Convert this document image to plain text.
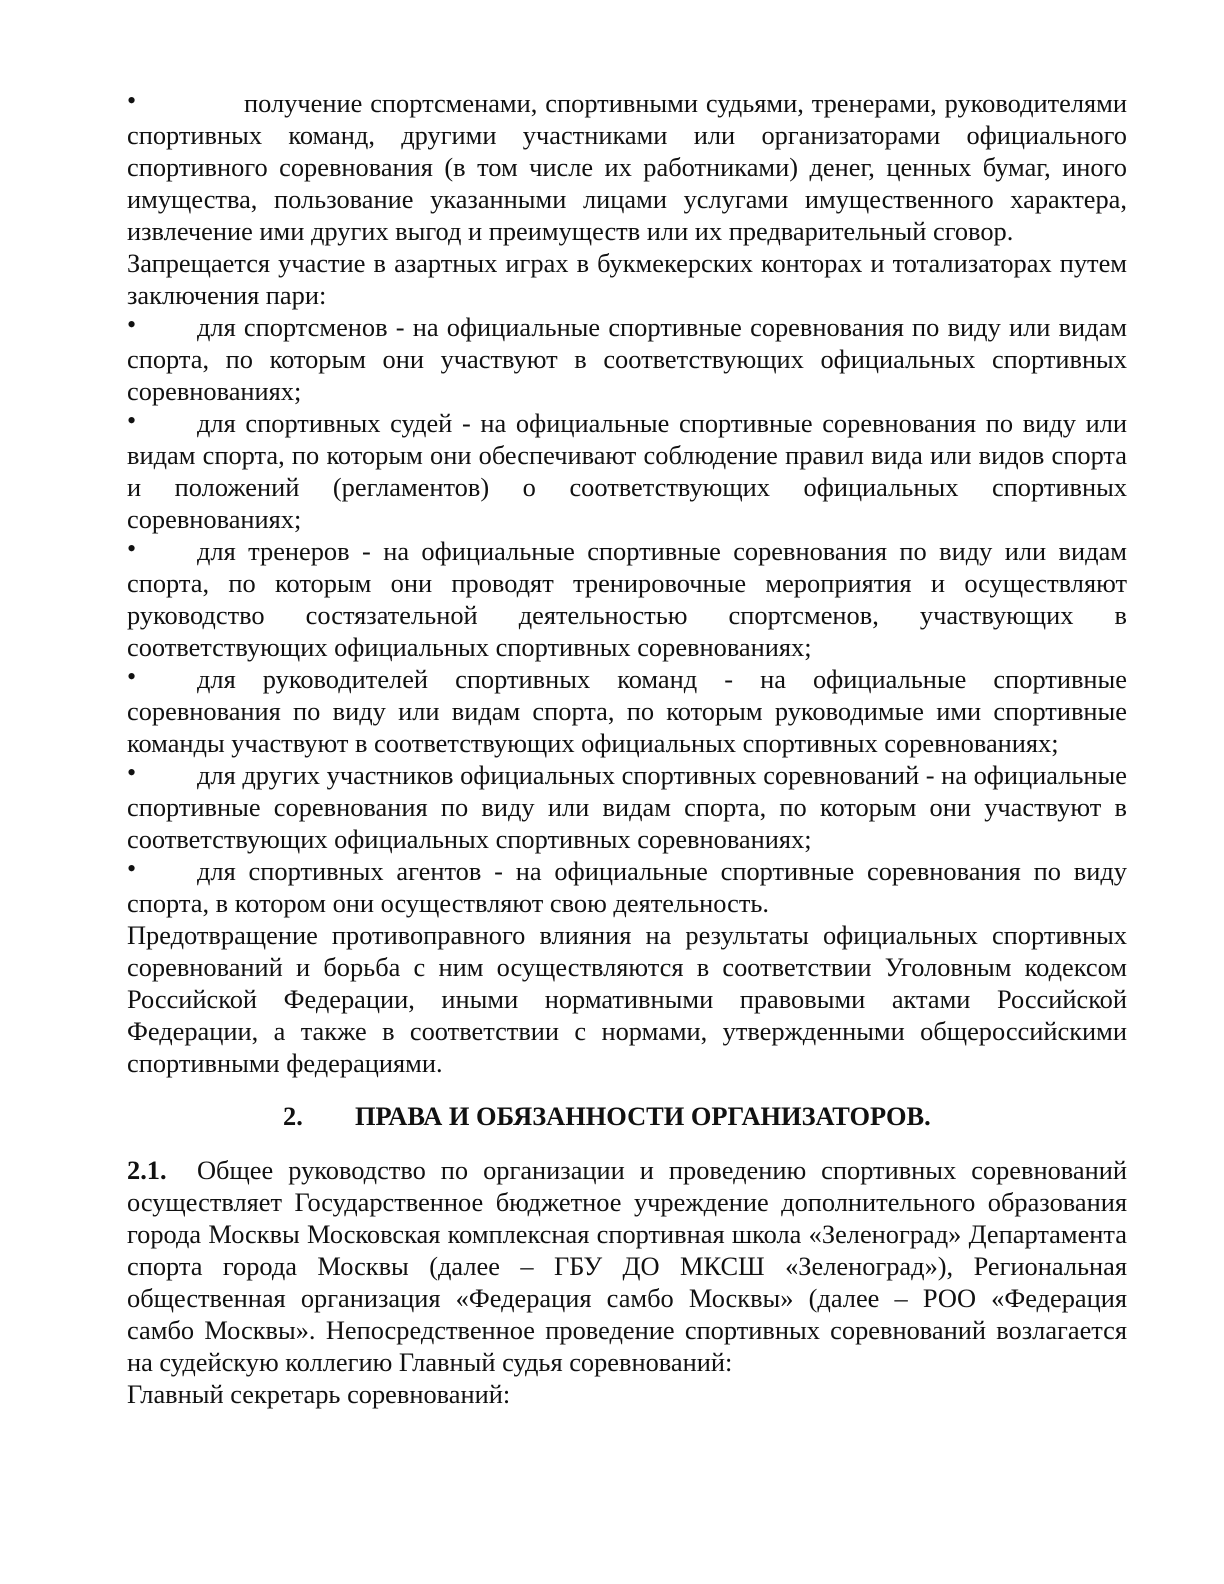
•	получение спортсменами, спортивными судьями, тренерами, руководителями спортивных команд, другими участниками или организаторами официального спортивного соревнования (в том числе их работниками) денег, ценных бумаг, иного имущества, пользование указанными лицами услугами имущественного характера, извлечение ими других выгод и преимуществ или их предварительный сговор.

Запрещается участие в азартных играх в букмекерских конторах и тотализаторах путем заключения пари:

• для спортсменов - на официальные спортивные соревнования по виду или видам спорта, по которым они участвуют в соответствующих официальных спортивных соревнованиях;

• для спортивных судей - на официальные спортивные соревнования по виду или видам спорта, по которым они обеспечивают соблюдение правил вида или видов спорта и положений (регламентов) о соответствующих официальных спортивных соревнованиях;

• для тренеров - на официальные спортивные соревнования по виду или видам спорта, по которым они проводят тренировочные мероприятия и осуществляют руководство состязательной деятельностью спортсменов, участвующих в соответствующих официальных спортивных соревнованиях;

• для руководителей спортивных команд - на официальные спортивные соревнования по виду или видам спорта, по которым руководимые ими спортивные команды участвуют в соответствующих официальных спортивных соревнованиях;

• для других участников официальных спортивных соревнований - на официальные спортивные соревнования по виду или видам спорта, по которым они участвуют в соответствующих официальных спортивных соревнованиях;

• для спортивных агентов - на официальные спортивные соревнования по виду спорта, в котором они осуществляют свою деятельность.

Предотвращение противоправного влияния на результаты официальных спортивных соревнований и борьба с ним осуществляются в соответствии Уголовным кодексом Российской Федерации, иными нормативными правовыми актами Российской Федерации, а также в соответствии с нормами, утвержденными общероссийскими спортивными федерациями.

2. ПРАВА И ОБЯЗАННОСТИ ОРГАНИЗАТОРОВ.

2.1. Общее руководство по организации и проведению спортивных соревнований осуществляет Государственное бюджетное учреждение дополнительного образования города Москвы Московская комплексная спортивная школа «Зеленоград» Департамента спорта города Москвы (далее – ГБУ ДО МКСШ «Зеленоград»), Региональная общественная организация «Федерация самбо Москвы» (далее – РОО «Федерация самбо Москвы». Непосредственное проведение спортивных соревнований возлагается на судейскую коллегию Главный судья соревнований:

Главный секретарь соревнований:
